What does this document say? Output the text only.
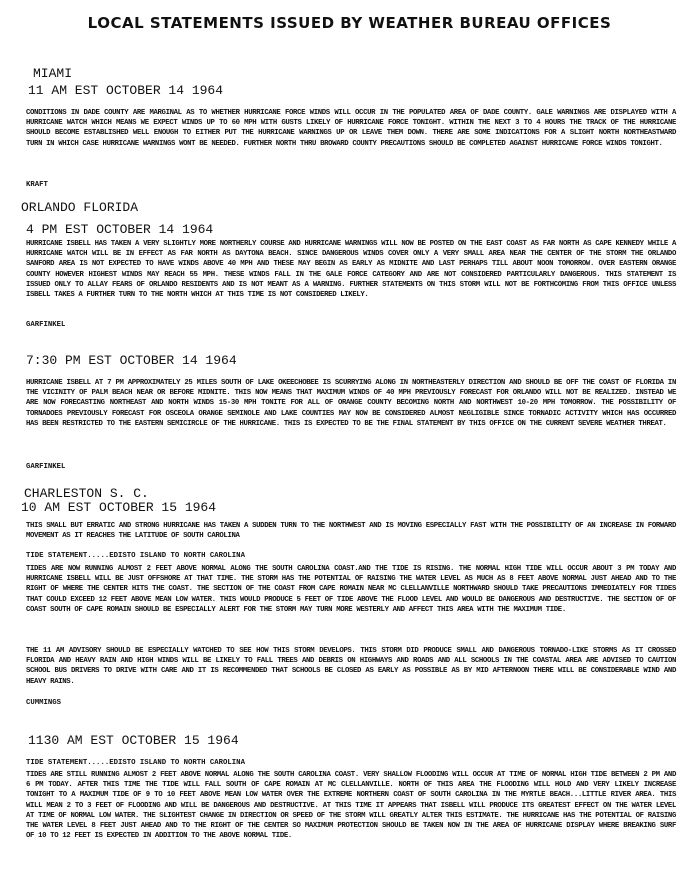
LOCAL STATEMENTS ISSUED BY WEATHER BUREAU OFFICES
MIAMI
11 AM EST OCTOBER 14 1964

CONDITIONS IN DADE COUNTY ARE MARGINAL AS TO WHETHER HURRICANE FORCE WINDS WILL OCCUR IN THE POPULATED AREA OF DADE COUNTY. GALE WARNINGS ARE DISPLAYED WITH A HURRICANE WATCH WHICH MEANS WE EXPECT WINDS UP TO 60 MPH WITH GUSTS LIKELY OF HURRICANE FORCE TONIGHT. WITHIN THE NEXT 3 TO 4 HOURS THE TRACK OF THE HURRICANE SHOULD BECOME ESTABLISHED WELL ENOUGH TO EITHER PUT THE HURRICANE WARNINGS UP OR LEAVE THEM DOWN. THERE ARE SOME INDICATIONS FOR A SLIGHT NORTH NORTHEASTWARD TURN IN WHICH CASE HURRICANE WARNINGS WONT BE NEEDED. FURTHER NORTH THRU BROWARD COUNTY PRECAUTIONS SHOULD BE COMPLETED AGAINST HURRICANE FORCE WINDS TONIGHT.

KRAFT
ORLANDO FLORIDA
4 PM EST OCTOBER 14 1964

HURRICANE ISBELL HAS TAKEN A VERY SLIGHTLY MORE NORTHERLY COURSE AND HURRICANE WARNINGS WILL NOW BE POSTED ON THE EAST COAST AS FAR NORTH AS CAPE KENNEDY WHILE A HURRICANE WATCH WILL BE IN EFFECT AS FAR NORTH AS DAYTONA BEACH. SINCE DANGEROUS WINDS COVER ONLY A VERY SMALL AREA NEAR THE CENTER OF THE STORM THE ORLANDO SANFORD AREA IS NOT EXPECTED TO HAVE WINDS ABOVE 40 MPH AND THESE MAY BEGIN AS EARLY AS MIDNITE AND LAST PERHAPS TILL ABOUT NOON TOMORROW. OVER EASTERN ORANGE COUNTY HOWEVER HIGHEST WINDS MAY REACH 55 MPH. THESE WINDS FALL IN THE GALE FORCE CATEGORY AND ARE NOT CONSIDERED PARTICULARLY DANGEROUS. THIS STATEMENT IS ISSUED ONLY TO ALLAY FEARS OF ORLANDO RESIDENTS AND IS NOT MEANT AS A WARNING. FURTHER STATEMENTS ON THIS STORM WILL NOT BE FORTHCOMING FROM THIS OFFICE UNLESS ISBELL TAKES A FURTHER TURN TO THE NORTH WHICH AT THIS TIME IS NOT CONSIDERED LIKELY.

GARFINKEL
7:30 PM EST OCTOBER 14 1964

HURRICANE ISBELL AT 7 PM APPROXIMATELY 25 MILES SOUTH OF LAKE OKEECHOBEE IS SCURRYING ALONG IN NORTHEASTERLY DIRECTION AND SHOULD BE OFF THE COAST OF FLORIDA IN THE VICINITY OF PALM BEACH NEAR OR BEFORE MIDNITE. THIS NOW MEANS THAT MAXIMUM WINDS OF 40 MPH PREVIOUSLY FORECAST FOR ORLANDO WILL NOT BE REALIZED. INSTEAD WE ARE NOW FORECASTING NORTHEAST AND NORTH WINDS 15-30 MPH TONITE FOR ALL OF ORANGE COUNTY BECOMING NORTH AND NORTHWEST 10-20 MPH TOMORROW. THE POSSIBILITY OF TORNADOES PREVIOUSLY FORECAST FOR OSCEOLA ORANGE SEMINOLE AND LAKE COUNTIES MAY NOW BE CONSIDERED ALMOST NEGLIGIBLE SINCE TORNADIC ACTIVITY WHICH HAS OCCURRED HAS BEEN RESTRICTED TO THE EASTERN SEMICIRCLE OF THE HURRICANE. THIS IS EXPECTED TO BE THE FINAL STATEMENT BY THIS OFFICE ON THE CURRENT SEVERE WEATHER THREAT.

GARFINKEL
CHARLESTON S. C.
10 AM EST OCTOBER 15 1964

THIS SMALL BUT ERRATIC AND STRONG HURRICANE HAS TAKEN A SUDDEN TURN TO THE NORTHWEST AND IS MOVING ESPECIALLY FAST WITH THE POSSIBILITY OF AN INCREASE IN FORWARD MOVEMENT AS IT REACHES THE LATITUDE OF SOUTH CAROLINA

TIDE STATEMENT.....EDISTO ISLAND TO NORTH CAROLINA

TIDES ARE NOW RUNNING ALMOST 2 FEET ABOVE NORMAL ALONG THE SOUTH CAROLINA COAST.AND THE TIDE IS RISING. THE NORMAL HIGH TIDE WILL OCCUR ABOUT 3 PM TODAY AND HURRICANE ISBELL WILL BE JUST OFFSHORE AT THAT TIME. THE STORM HAS THE POTENTIAL OF RAISING THE WATER LEVEL AS MUCH AS 8 FEET ABOVE NORMAL JUST AHEAD AND TO THE RIGHT OF WHERE THE CENTER HITS THE COAST. THE SECTION OF THE COAST FROM CAPE ROMAIN NEAR MC CLELLANVILLE NORTHWARD SHOULD TAKE PRECAUTIONS IMMEDIATELY FOR TIDES THAT COULD EXCEED 12 FEET ABOVE MEAN LOW WATER. THIS WOULD PRODUCE 5 FEET OF TIDE ABOVE THE FLOOD LEVEL AND WOULD BE DANGEROUS AND DESTRUCTIVE. THE SECTION OF OF COAST SOUTH OF CAPE ROMAIN SHOULD BE ESPECIALLY ALERT FOR THE STORM MAY TURN MORE WESTERLY AND AFFECT THIS AREA WITH THE MAXIMUM TIDE.

THE 11 AM ADVISORY SHOULD BE ESPECIALLY WATCHED TO SEE HOW THIS STORM DEVELOPS. THIS STORM DID PRODUCE SMALL AND DANGEROUS TORNADO-LIKE STORMS AS IT CROSSED FLORIDA AND HEAVY RAIN AND HIGH WINDS WILL BE LIKELY TO FALL TREES AND DEBRIS ON HIGHWAYS AND ROADS AND ALL SCHOOLS IN THE COASTAL AREA ARE ADVISED TO CAUTION SCHOOL BUS DRIVERS TO DRIVE WITH CARE AND IT IS RECOMMENDED THAT SCHOOLS BE CLOSED AS EARLY AS POSSIBLE AS BY MID AFTERNOON THERE WILL BE CONSIDERABLE WIND AND HEAVY RAINS.

CUMMINGS
1130 AM EST OCTOBER 15 1964
TIDE STATEMENT.....EDISTO ISLAND TO NORTH CAROLINA

TIDES ARE STILL RUNNING ALMOST 2 FEET ABOVE NORMAL ALONG THE SOUTH CAROLINA COAST. VERY SHALLOW FLOODING WILL OCCUR AT TIME OF NORMAL HIGH TIDE BETWEEN 2 PM AND 6 PM TODAY. AFTER THIS TIME THE TIDE WILL FALL SOUTH OF CAPE ROMAIN AT MC CLELLANVILLE. NORTH OF THIS AREA THE FLOODING WILL HOLD AND VERY LIKELY INCREASE TONIGHT TO A MAXIMUM TIDE OF 9 TO 10 FEET ABOVE MEAN LOW WATER OVER THE EXTREME NORTHERN COAST OF SOUTH CAROLINA IN THE MYRTLE BEACH...LITTLE RIVER AREA. THIS WILL MEAN 2 TO 3 FEET OF FLOODING AND WILL BE DANGEROUS AND DESTRUCTIVE. AT THIS TIME IT APPEARS THAT ISBELL WILL PRODUCE ITS GREATEST EFFECT ON THE WATER LEVEL AT TIME OF NORMAL LOW WATER. THE SLIGHTEST CHANGE IN DIRECTION OR SPEED OF THE STORM WILL GREATLY ALTER THIS ESTIMATE. THE HURRICANE HAS THE POTENTIAL OF RAISING THE WATER LEVEL 8 FEET JUST AHEAD AND TO THE RIGHT OF THE CENTER SO MAXIMUM PROTECTION SHOULD BE TAKEN NOW IN THE AREA OF HURRICANE DISPLAY WHERE BREAKING SURF OF 10 TO 12 FEET IS EXPECTED IN ADDITION TO THE ABOVE NORMAL TIDE.
